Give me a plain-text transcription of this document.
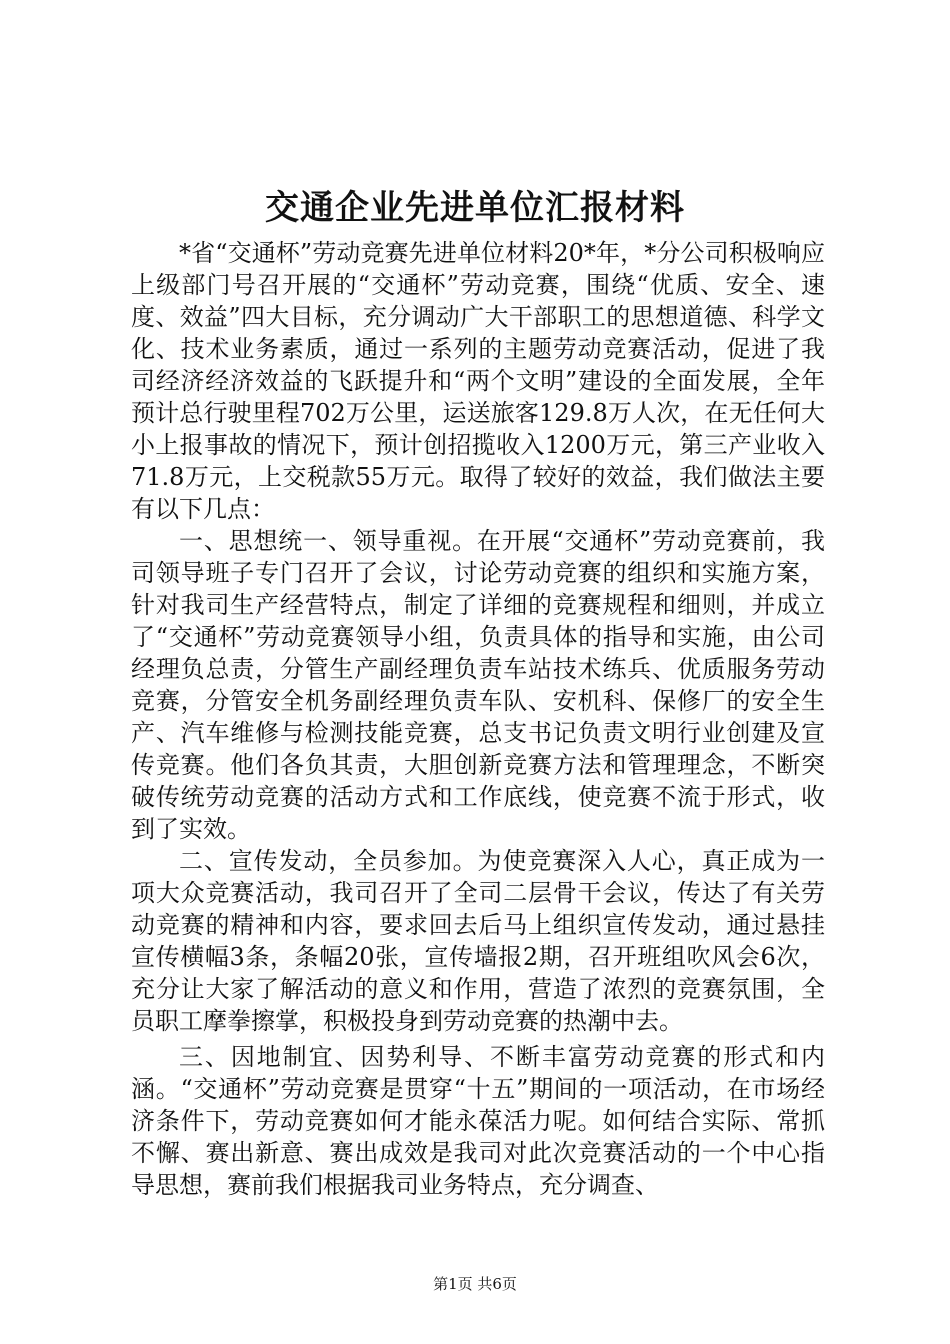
交通企业先进单位汇报材料

*省“交通杯”劳动竞赛先进单位材料20*年，*分公司积极响应上级部门号召开展的“交通杯”劳动竞赛，围绕“优质、安全、速度、效益”四大目标，充分调动广大干部职工的思想道德、科学文化、技术业务素质，通过一系列的主题劳动竞赛活动，促进了我司经济经济效益的飞跃提升和“两个文明”建设的全面发展，全年预计总行驶里程702万公里，运送旅客129.8万人次，在无任何大小上报事故的情况下，预计创招揽收入1200万元，第三产业收入71.8万元，上交税款55万元。取得了较好的效益，我们做法主要有以下几点：

一、思想统一、领导重视。在开展“交通杯”劳动竞赛前，我司领导班子专门召开了会议，讨论劳动竞赛的组织和实施方案，针对我司生产经营特点，制定了详细的竞赛规程和细则，并成立了“交通杯”劳动竞赛领导小组，负责具体的指导和实施，由公司经理负总责，分管生产副经理负责车站技术练兵、优质服务劳动竞赛，分管安全机务副经理负责车队、安机科、保修厂的安全生产、汽车维修与检测技能竞赛，总支书记负责文明行业创建及宣传竞赛。他们各负其责，大胆创新竞赛方法和管理理念，不断突破传统劳动竞赛的活动方式和工作底线，使竞赛不流于形式，收到了实效。

二、宣传发动，全员参加。为使竞赛深入人心，真正成为一项大众竞赛活动，我司召开了全司二层骨干会议，传达了有关劳动竞赛的精神和内容，要求回去后马上组织宣传发动，通过悬挂宣传横幅3条，条幅20张，宣传墙报2期，召开班组吹风会6次，充分让大家了解活动的意义和作用，营造了浓烈的竞赛氛围，全员职工摩拳擦掌，积极投身到劳动竞赛的热潮中去。

三、因地制宜、因势利导、不断丰富劳动竞赛的形式和内涵。“交通杯”劳动竞赛是贯穿“十五”期间的一项活动，在市场经济条件下，劳动竞赛如何才能永葆活力呢。如何结合实际、常抓不懈、赛出新意、赛出成效是我司对此次竞赛活动的一个中心指导思想，赛前我们根据我司业务特点，充分调查、

第1页 共6页
